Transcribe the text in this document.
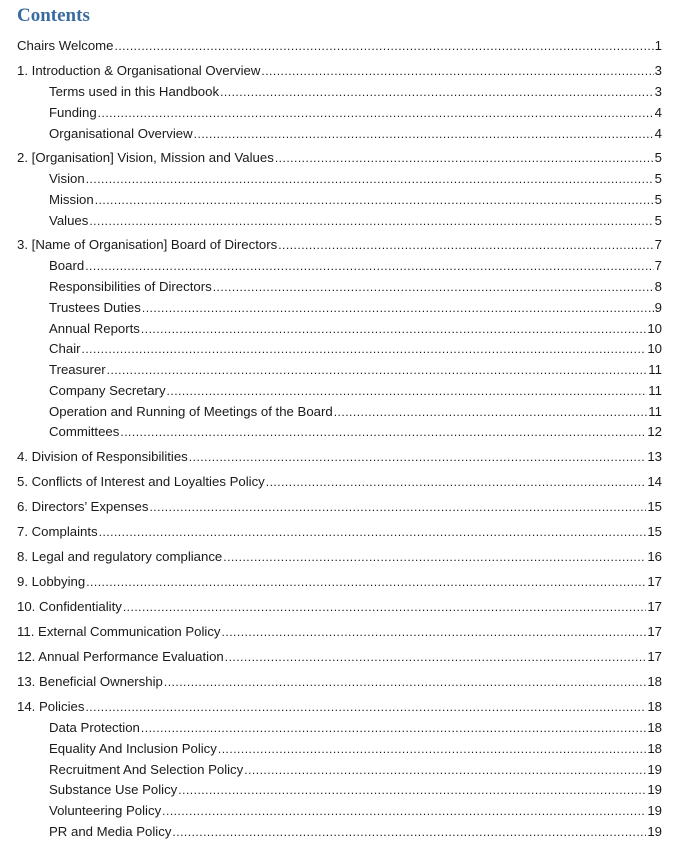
Contents
Chairs Welcome .....	1
1. Introduction & Organisational Overview .....	3
Terms used in this Handbook .....	3
Funding .....	4
Organisational Overview .....	4
2. [Organisation] Vision, Mission and Values .....	5
Vision .....	5
Mission .....	5
Values .....	5
3. [Name of Organisation] Board of Directors .....	7
Board .....	7
Responsibilities of Directors .....	8
Trustees Duties .....	9
Annual Reports .....	10
Chair .....	10
Treasurer .....	11
Company Secretary .....	11
Operation and Running of Meetings of the Board .....	11
Committees .....	12
4. Division of Responsibilities .....	13
5. Conflicts of Interest and Loyalties Policy .....	14
6. Directors’ Expenses .....	15
7. Complaints .....	15
8. Legal and regulatory compliance .....	16
9. Lobbying .....	17
10. Confidentiality .....	17
11. External Communication Policy .....	17
12. Annual Performance Evaluation .....	17
13. Beneficial Ownership .....	18
14. Policies .....	18
Data Protection .....	18
Equality And Inclusion Policy .....	18
Recruitment And Selection Policy .....	19
Substance Use Policy .....	19
Volunteering Policy .....	19
PR and Media Policy .....	19
